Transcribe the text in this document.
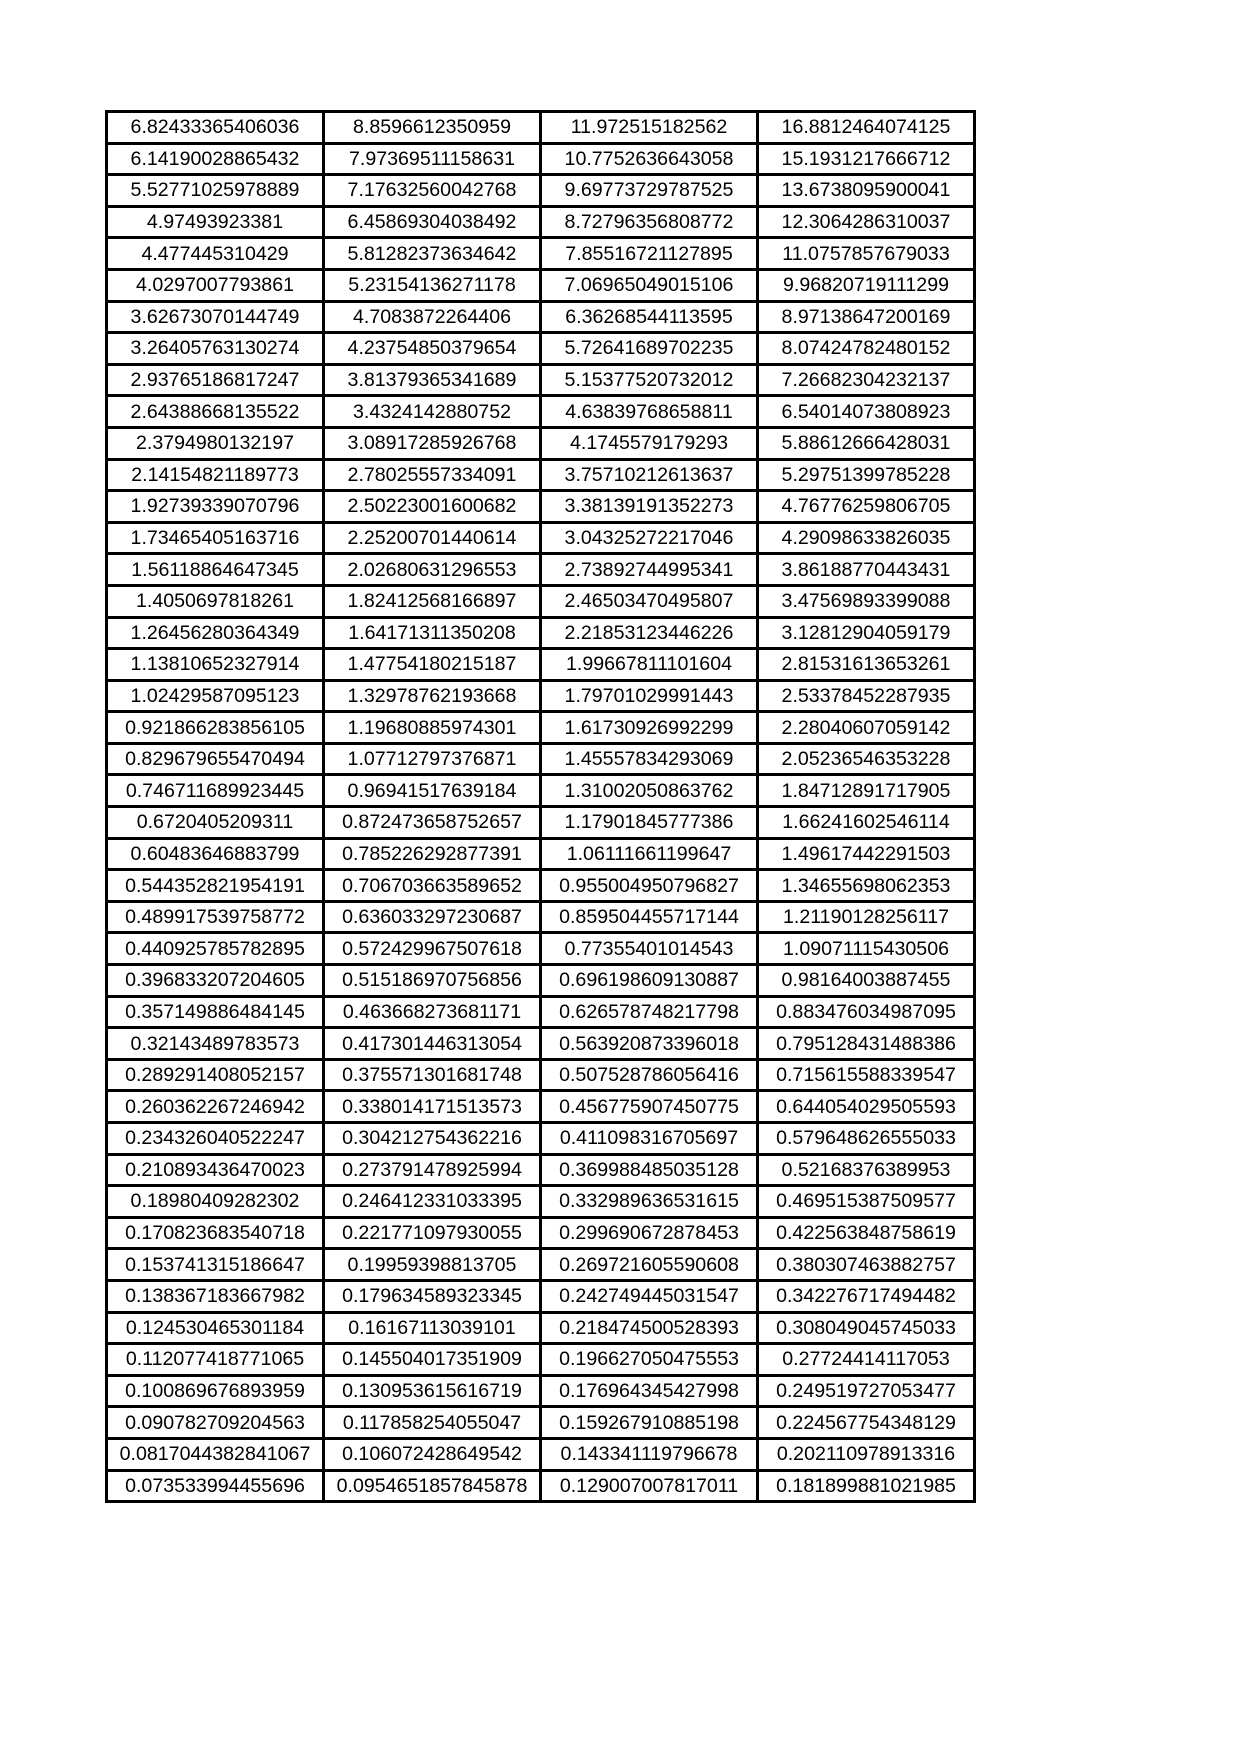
6.82433365406036	8.8596612350959	11.972515182562	16.8812464074125
6.14190028865432	7.97369511158631	10.7752636643058	15.1931217666712
5.52771025978889	7.17632560042768	9.69773729787525	13.6738095900041
4.97493923381	6.45869304038492	8.72796356808772	12.3064286310037
4.477445310429	5.81282373634642	7.85516721127895	11.0757857679033
4.0297007793861	5.23154136271178	7.06965049015106	9.96820719111299
3.62673070144749	4.7083872264406	6.36268544113595	8.97138647200169
3.26405763130274	4.23754850379654	5.72641689702235	8.07424782480152
2.93765186817247	3.81379365341689	5.15377520732012	7.26682304232137
2.64388668135522	3.4324142880752	4.63839768658811	6.54014073808923
2.3794980132197	3.08917285926768	4.1745579179293	5.88612666428031
2.14154821189773	2.78025557334091	3.75710212613637	5.29751399785228
1.92739339070796	2.50223001600682	3.38139191352273	4.76776259806705
1.73465405163716	2.25200701440614	3.04325272217046	4.29098633826035
1.56118864647345	2.02680631296553	2.73892744995341	3.86188770443431
1.4050697818261	1.82412568166897	2.46503470495807	3.47569893399088
1.26456280364349	1.64171311350208	2.21853123446226	3.12812904059179
1.13810652327914	1.47754180215187	1.99667811101604	2.81531613653261
1.02429587095123	1.32978762193668	1.79701029991443	2.53378452287935
0.921866283856105	1.19680885974301	1.61730926992299	2.28040607059142
0.829679655470494	1.07712797376871	1.45557834293069	2.05236546353228
0.746711689923445	0.96941517639184	1.31002050863762	1.84712891717905
0.6720405209311	0.872473658752657	1.17901845777386	1.66241602546114
0.60483646883799	0.785226292877391	1.06111661199647	1.49617442291503
0.544352821954191	0.706703663589652	0.955004950796827	1.34655698062353
0.489917539758772	0.636033297230687	0.859504455717144	1.21190128256117
0.440925785782895	0.572429967507618	0.77355401014543	1.09071115430506
0.396833207204605	0.515186970756856	0.696198609130887	0.98164003887455
0.357149886484145	0.463668273681171	0.626578748217798	0.883476034987095
0.32143489783573	0.417301446313054	0.563920873396018	0.795128431488386
0.289291408052157	0.375571301681748	0.507528786056416	0.715615588339547
0.260362267246942	0.338014171513573	0.456775907450775	0.644054029505593
0.234326040522247	0.304212754362216	0.411098316705697	0.579648626555033
0.210893436470023	0.273791478925994	0.369988485035128	0.52168376389953
0.18980409282302	0.246412331033395	0.332989636531615	0.469515387509577
0.170823683540718	0.221771097930055	0.299690672878453	0.422563848758619
0.153741315186647	0.19959398813705	0.269721605590608	0.380307463882757
0.138367183667982	0.179634589323345	0.242749445031547	0.342276717494482
0.124530465301184	0.16167113039101	0.218474500528393	0.308049045745033
0.112077418771065	0.145504017351909	0.196627050475553	0.27724414117053
0.100869676893959	0.130953615616719	0.176964345427998	0.249519727053477
0.090782709204563	0.117858254055047	0.159267910885198	0.224567754348129
0.0817044382841067	0.106072428649542	0.143341119796678	0.202110978913316
0.073533994455696	0.0954651857845878	0.129007007817011	0.181899881021985
